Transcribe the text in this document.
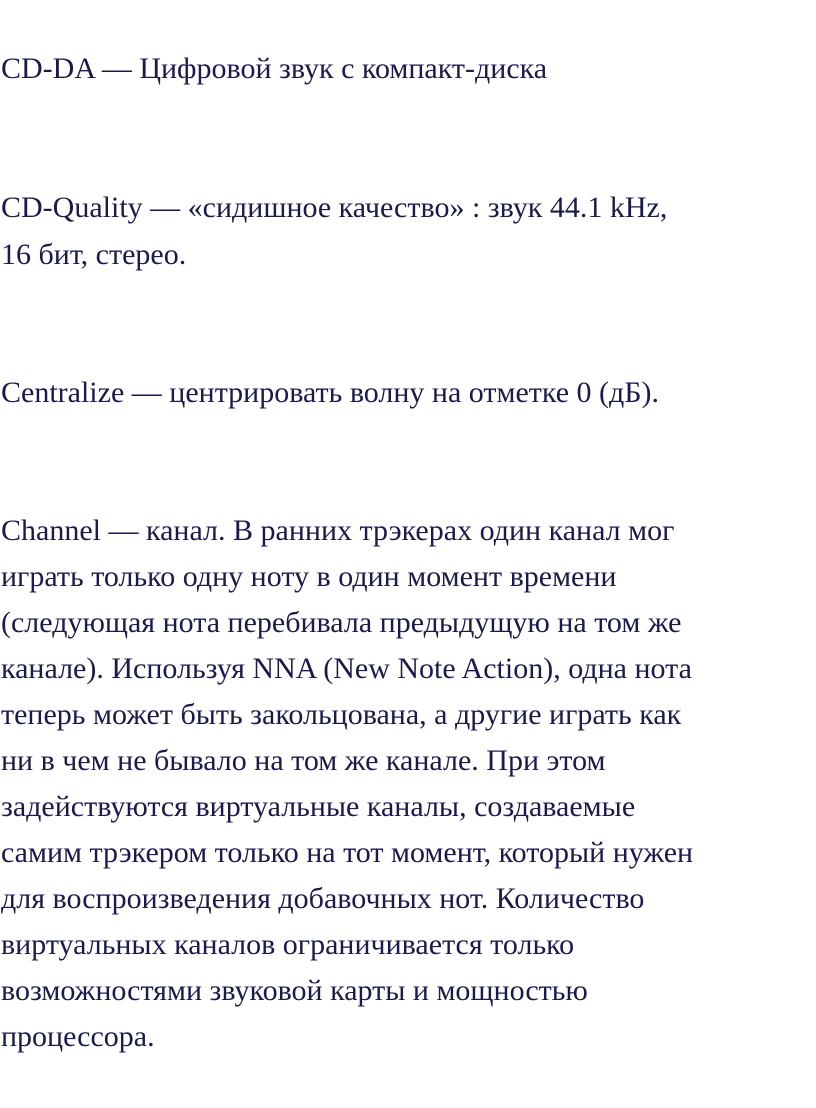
CD-DA — Цифровой звук с компакт-диска

CD-Quality — «сидишное качество» : звук 44.1 kHz,

16 бит, стерео.

Centralize — центрировать волну на отметке 0 (дБ).

Channel — канал. В ранних трэкерах один канал мог

играть только одну ноту в один момент времени

(следующая нота перебивала предыдущую на том же

канале). Используя NNA (New Note Action), одна нота

теперь может быть закольцована, а другие играть как

ни в чем не бывало на том же канале. При этом

задействуются виртуальные каналы, создаваемые

самим трэкером только на тот момент, который нужен

для воспроизведения добавочных нот. Количество

виртуальных каналов ограничивается только

возможностями звуковой карты и мощностью

процессора.
